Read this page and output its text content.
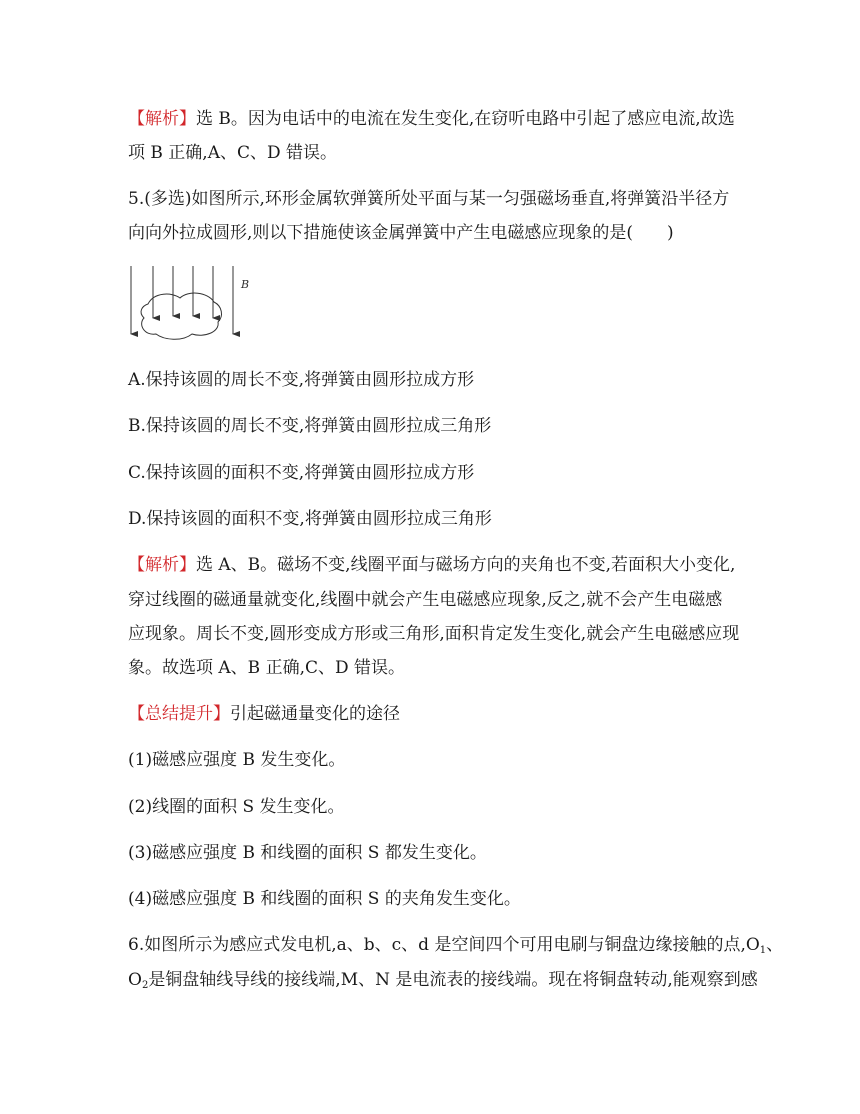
【解析】选 B。因为电话中的电流在发生变化,在窃听电路中引起了感应电流,故选
项 B 正确,A、C、D 错误。
5.(多选)如图所示,环形金属软弹簧所处平面与某一匀强磁场垂直,将弹簧沿半径方
向向外拉成圆形,则以下措施使该金属弹簧中产生电磁感应现象的是(　　)
B
A.保持该圆的周长不变,将弹簧由圆形拉成方形
B.保持该圆的周长不变,将弹簧由圆形拉成三角形
C.保持该圆的面积不变,将弹簧由圆形拉成方形
D.保持该圆的面积不变,将弹簧由圆形拉成三角形
【解析】选 A、B。磁场不变,线圈平面与磁场方向的夹角也不变,若面积大小变化,
穿过线圈的磁通量就变化,线圈中就会产生电磁感应现象,反之,就不会产生电磁感
应现象。周长不变,圆形变成方形或三角形,面积肯定发生变化,就会产生电磁感应现
象。故选项 A、B 正确,C、D 错误。
【总结提升】引起磁通量变化的途径
(1)磁感应强度 B 发生变化。
(2)线圈的面积 S 发生变化。
(3)磁感应强度 B 和线圈的面积 S 都发生变化。
(4)磁感应强度 B 和线圈的面积 S 的夹角发生变化。
6.如图所示为感应式发电机,a、b、c、d 是空间四个可用电刷与铜盘边缘接触的点$,O_1$、
$O_2$是铜盘轴线导线的接线端,M、N 是电流表的接线端。现在将铜盘转动,能观察到感
